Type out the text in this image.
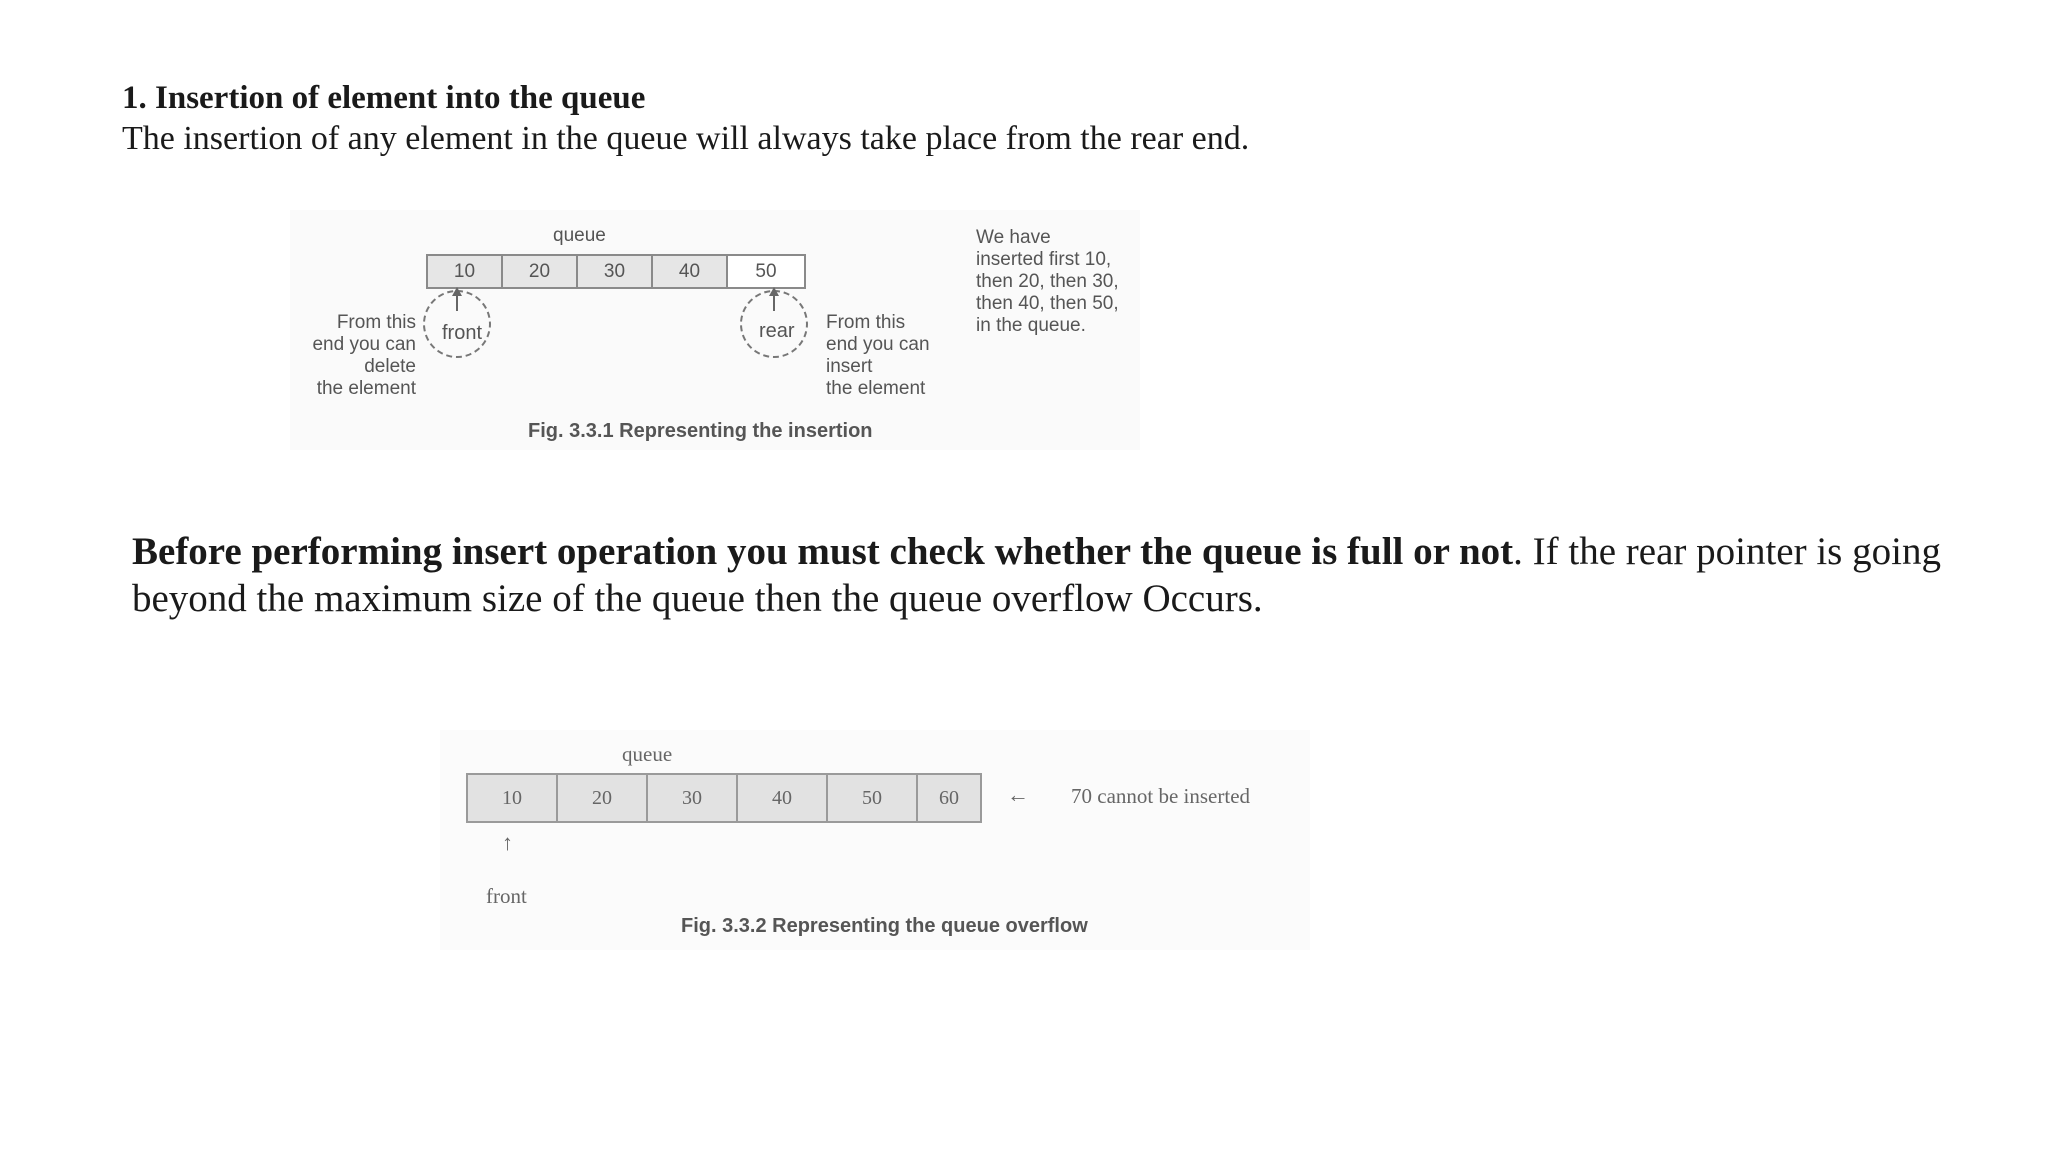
1. Insertion of element into the queue

The insertion of any element in the queue will always take place from the rear end.

queue
10	20	30	40	50
front	rear
From this
end you can
delete
the element
From this
end you can
insert
the element
We have
inserted first 10,
then 20, then 30,
then 40, then 50,
in the queue.
Fig. 3.3.1 Representing the insertion

Before performing insert operation you must check whether the queue is full or not. If the rear pointer is going beyond the maximum size of the queue then the queue overflow Occurs.

queue
10	20	30	40	50	60	← 70 cannot be inserted
↑
front
Fig. 3.3.2 Representing the queue overflow
